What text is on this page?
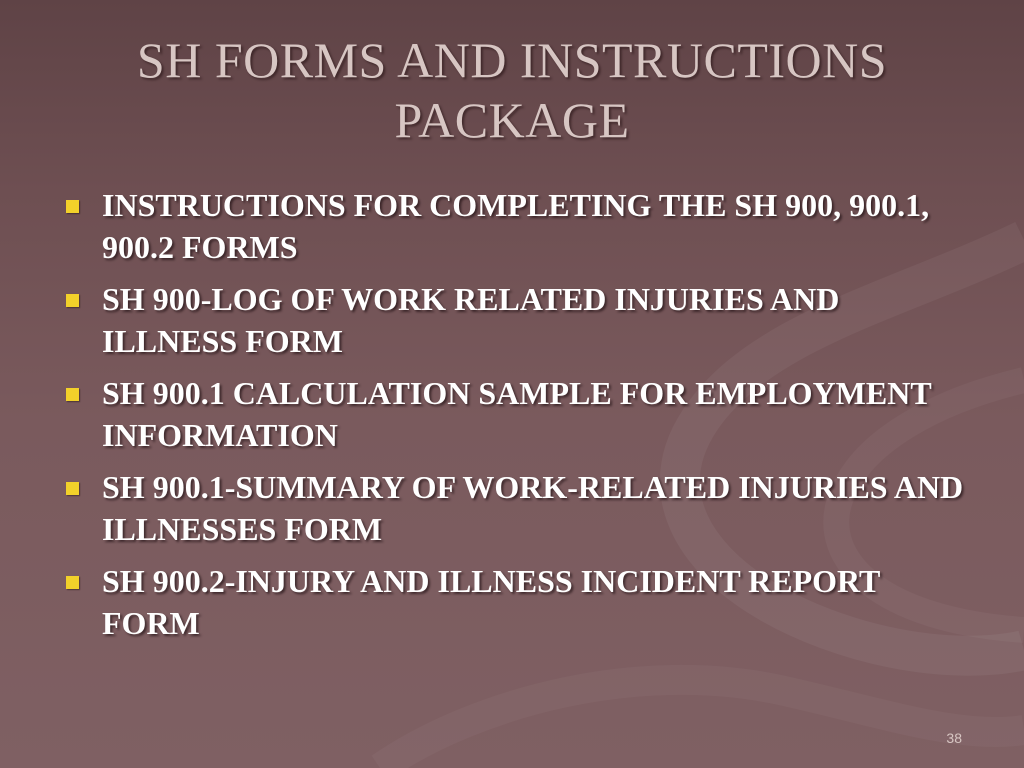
SH FORMS AND INSTRUCTIONS
PACKAGE
INSTRUCTIONS FOR COMPLETING THE SH 900, 900.1, 900.2 FORMS
SH 900-LOG OF WORK RELATED INJURIES AND ILLNESS FORM
SH 900.1 CALCULATION SAMPLE FOR EMPLOYMENT INFORMATION
SH 900.1-SUMMARY OF WORK-RELATED INJURIES AND ILLNESSES FORM
SH 900.2-INJURY AND ILLNESS INCIDENT REPORT FORM
38
